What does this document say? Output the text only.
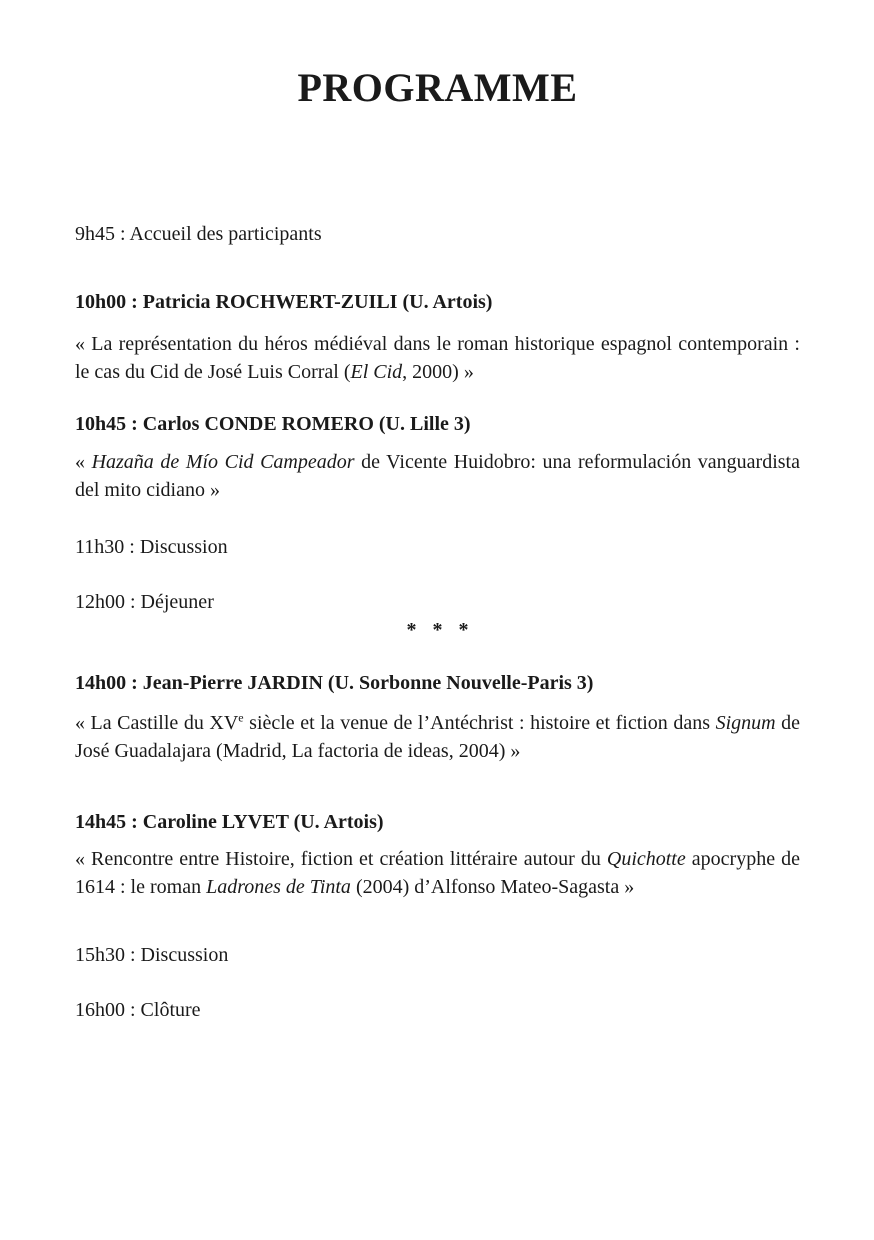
PROGRAMME

9h45 : Accueil des participants

10h00 : Patricia ROCHWERT-ZUILI (U. Artois)

« La représentation du héros médiéval dans le roman historique espagnol contemporain : le cas du Cid de José Luis Corral (El Cid, 2000) »

10h45 : Carlos CONDE ROMERO (U. Lille 3)

« Hazaña de Mío Cid Campeador de Vicente Huidobro: una reformulación vanguardista del mito cidiano »

11h30 : Discussion

12h00 : Déjeuner

* * *

14h00 : Jean-Pierre JARDIN (U. Sorbonne Nouvelle-Paris 3)

« La Castille du XVe siècle et la venue de l’Antéchrist : histoire et fiction dans Signum de José Guadalajara (Madrid, La factoria de ideas, 2004) »

14h45 : Caroline LYVET (U. Artois)

« Rencontre entre Histoire, fiction et création littéraire autour du Quichotte apocryphe de 1614 : le roman Ladrones de Tinta (2004) d’Alfonso Mateo-Sagasta »

15h30 : Discussion

16h00 : Clôture
